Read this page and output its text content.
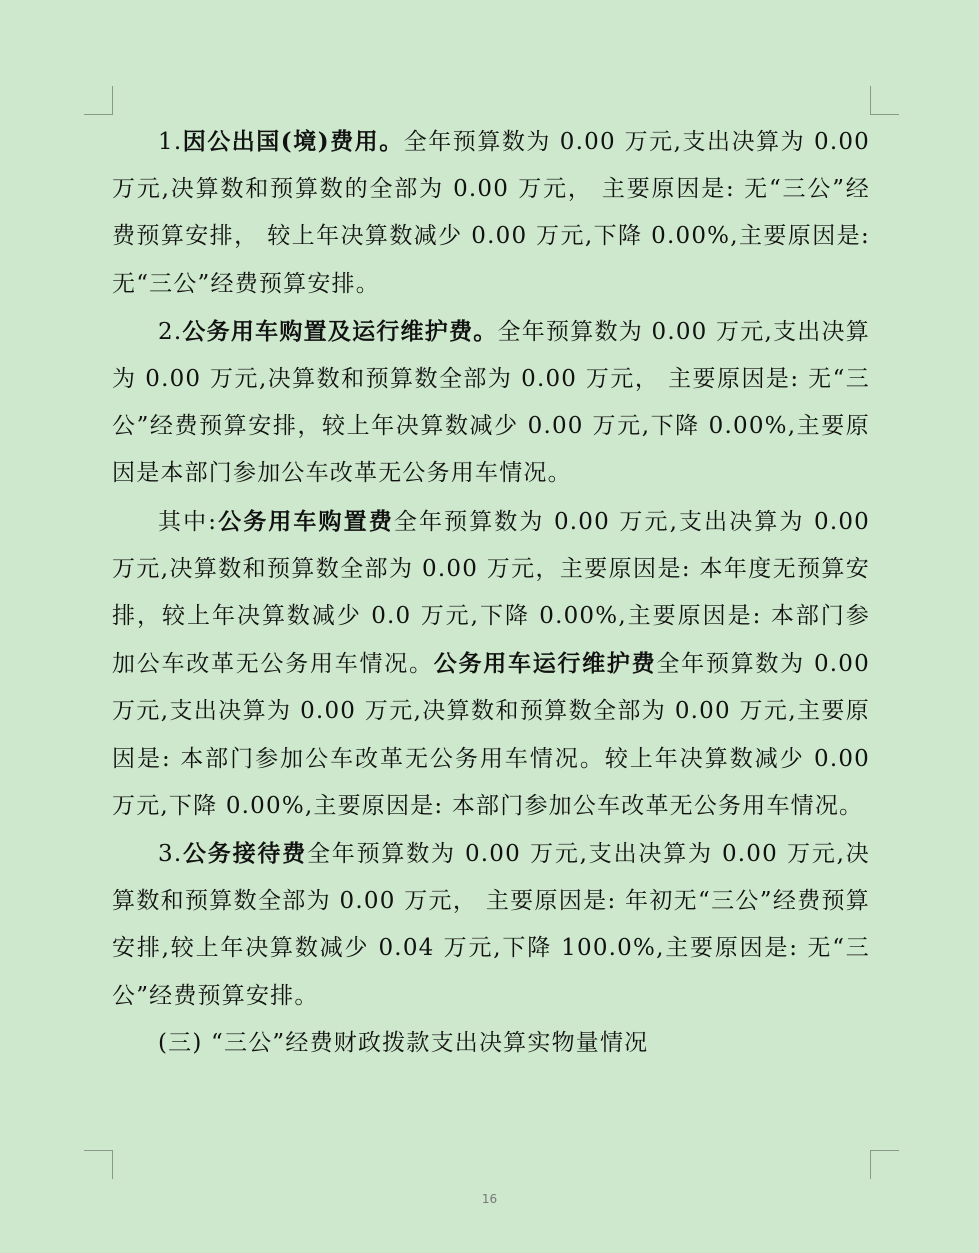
1.因公出国(境)费用。全年预算数为 0.00 万元,支出决算为 0.00 万元,决算数和预算数的全部为 0.00 万元， 主要原因是: 无“三公”经费预算安排， 较上年决算数减少 0.00 万元,下降 0.00%,主要原因是: 无“三公”经费预算安排。

2.公务用车购置及运行维护费。全年预算数为 0.00 万元,支出决算为 0.00 万元,决算数和预算数全部为 0.00 万元， 主要原因是: 无“三公”经费预算安排，较上年决算数减少 0.00 万元,下降 0.00%,主要原因是本部门参加公车改革无公务用车情况。

其中:公务用车购置费全年预算数为 0.00 万元,支出决算为 0.00 万元,决算数和预算数全部为 0.00 万元，主要原因是: 本年度无预算安排，较上年决算数减少 0.0 万元,下降 0.00%,主要原因是: 本部门参加公车改革无公务用车情况。公务用车运行维护费全年预算数为 0.00 万元,支出决算为 0.00 万元,决算数和预算数全部为 0.00 万元,主要原因是: 本部门参加公车改革无公务用车情况。较上年决算数减少 0.00 万元,下降 0.00%,主要原因是: 本部门参加公车改革无公务用车情况。

3.公务接待费全年预算数为 0.00 万元,支出决算为 0.00 万元,决算数和预算数全部为 0.00 万元， 主要原因是: 年初无“三公”经费预算安排,较上年决算数减少 0.04 万元,下降 100.0%,主要原因是: 无“三公”经费预算安排。

(三) “三公”经费财政拨款支出决算实物量情况

16
